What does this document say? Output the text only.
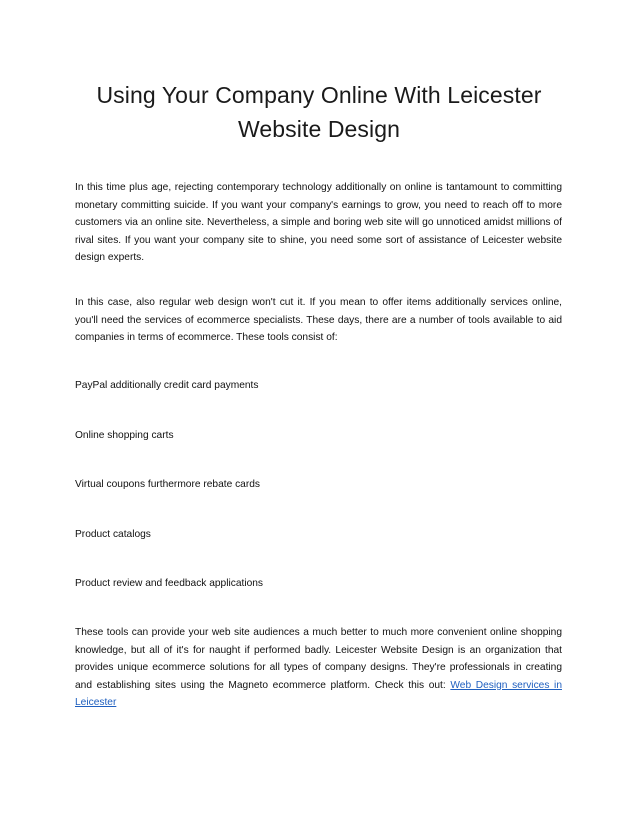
Using Your Company Online With Leicester Website Design

In this time plus age, rejecting contemporary technology additionally on online is tantamount to committing monetary committing suicide. If you want your company's earnings to grow, you need to reach off to more customers via an online site. Nevertheless, a simple and boring web site will go unnoticed amidst millions of rival sites. If you want your company site to shine, you need some sort of assistance of Leicester website design experts.

In this case, also regular web design won't cut it. If you mean to offer items additionally services online, you'll need the services of ecommerce specialists. These days, there are a number of tools available to aid companies in terms of ecommerce. These tools consist of:

PayPal additionally credit card payments

Online shopping carts

Virtual coupons furthermore rebate cards

Product catalogs

Product review and feedback applications

These tools can provide your web site audiences a much better to much more convenient online shopping knowledge, but all of it's for naught if performed badly. Leicester Website Design is an organization that provides unique ecommerce solutions for all types of company designs. They're professionals in creating and establishing sites using the Magneto ecommerce platform. Check this out: Web Design services in Leicester
